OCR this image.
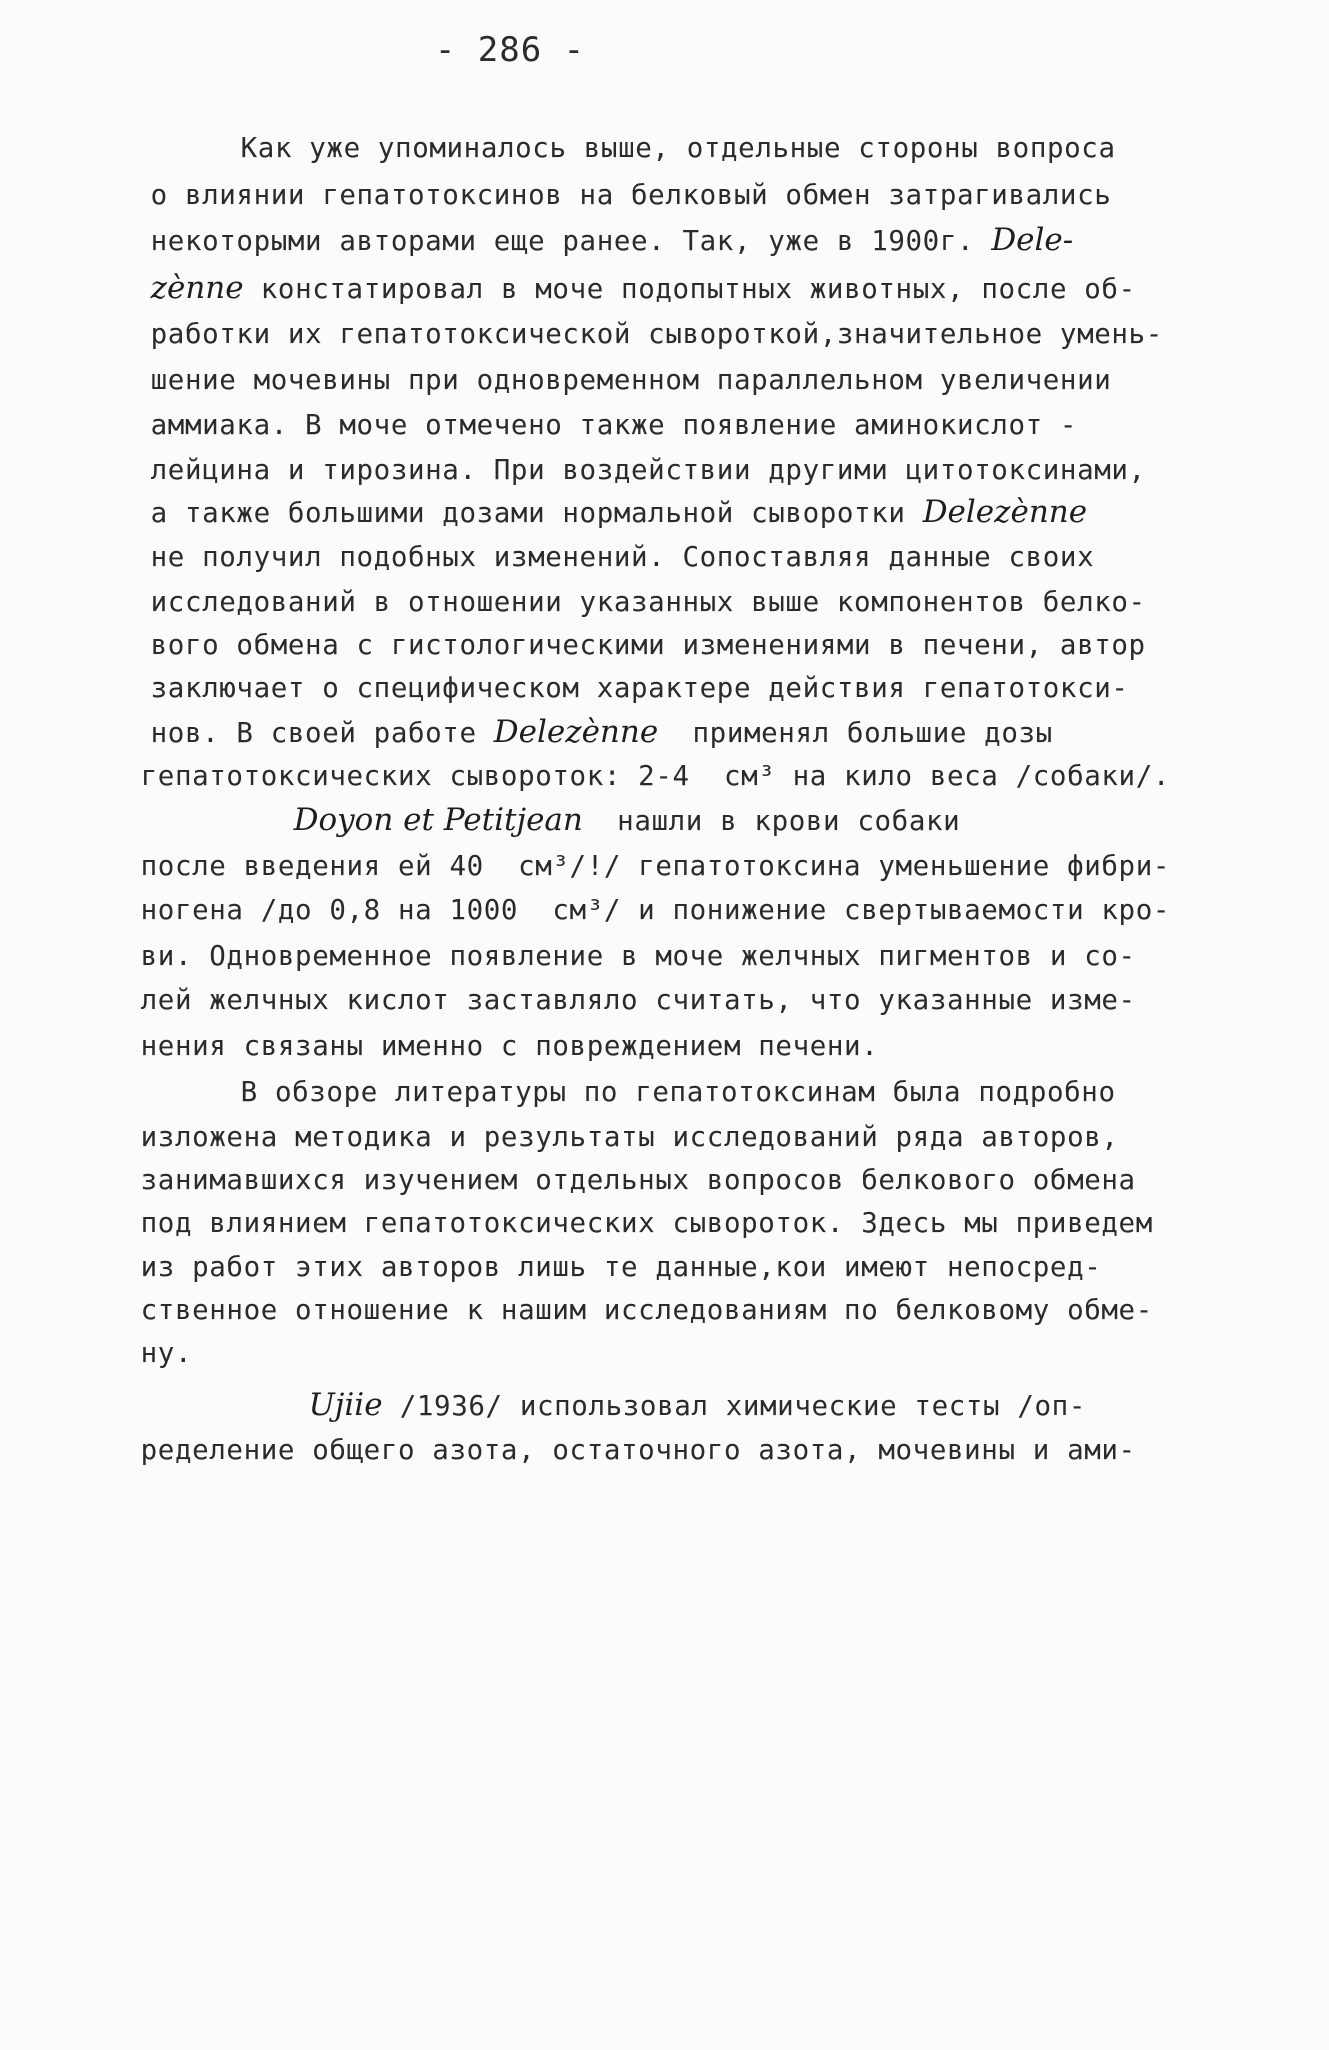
- 286 -

Как уже упоминалось выше, отдельные стороны вопроса

о влиянии гепатотоксинов на белковый обмен затрагивались

некоторыми авторами еще ранее. Так, уже в 1900г. Dele-

zènne констатировал в моче подопытных животных, после об-

работки их гепатотоксической сывороткой,значительное умень-

шение мочевины при одновременном параллельном увеличении

аммиака. В моче отмечено также появление аминокислот -

лейцина и тирозина. При воздействии другими цитотоксинами,

а также большими дозами нормальной сыворотки Delezènne

не получил подобных изменений. Сопоставляя данные своих

исследований в отношении указанных выше компонентов белко-

вого обмена с гистологическими изменениями в печени, автор

заключает о специфическом характере действия гепатотокси-

нов. В своей работе Delezènne  применял большие дозы

гепатотоксических сывороток: 2-4  см³ на кило веса /собаки/.

Doyon et Petitjean  нашли в крови собаки

после введения ей 40  см³/!/ гепатотоксина уменьшение фибри-

ногена /до 0,8 на 1000  см³/ и понижение свертываемости кро-

ви. Одновременное появление в моче желчных пигментов и со-

лей желчных кислот заставляло считать, что указанные изме-

нения связаны именно с повреждением печени.

В обзоре литературы по гепатотоксинам была подробно

изложена методика и результаты исследований ряда авторов,

занимавшихся изучением отдельных вопросов белкового обмена

под влиянием гепатотоксических сывороток. Здесь мы приведем

из работ этих авторов лишь те данные,кои имеют непосред-

ственное отношение к нашим исследованиям по белковому обме-

ну.

Ujiie /1936/ использовал химические тесты /оп-

ределение общего азота, остаточного азота, мочевины и ами-
